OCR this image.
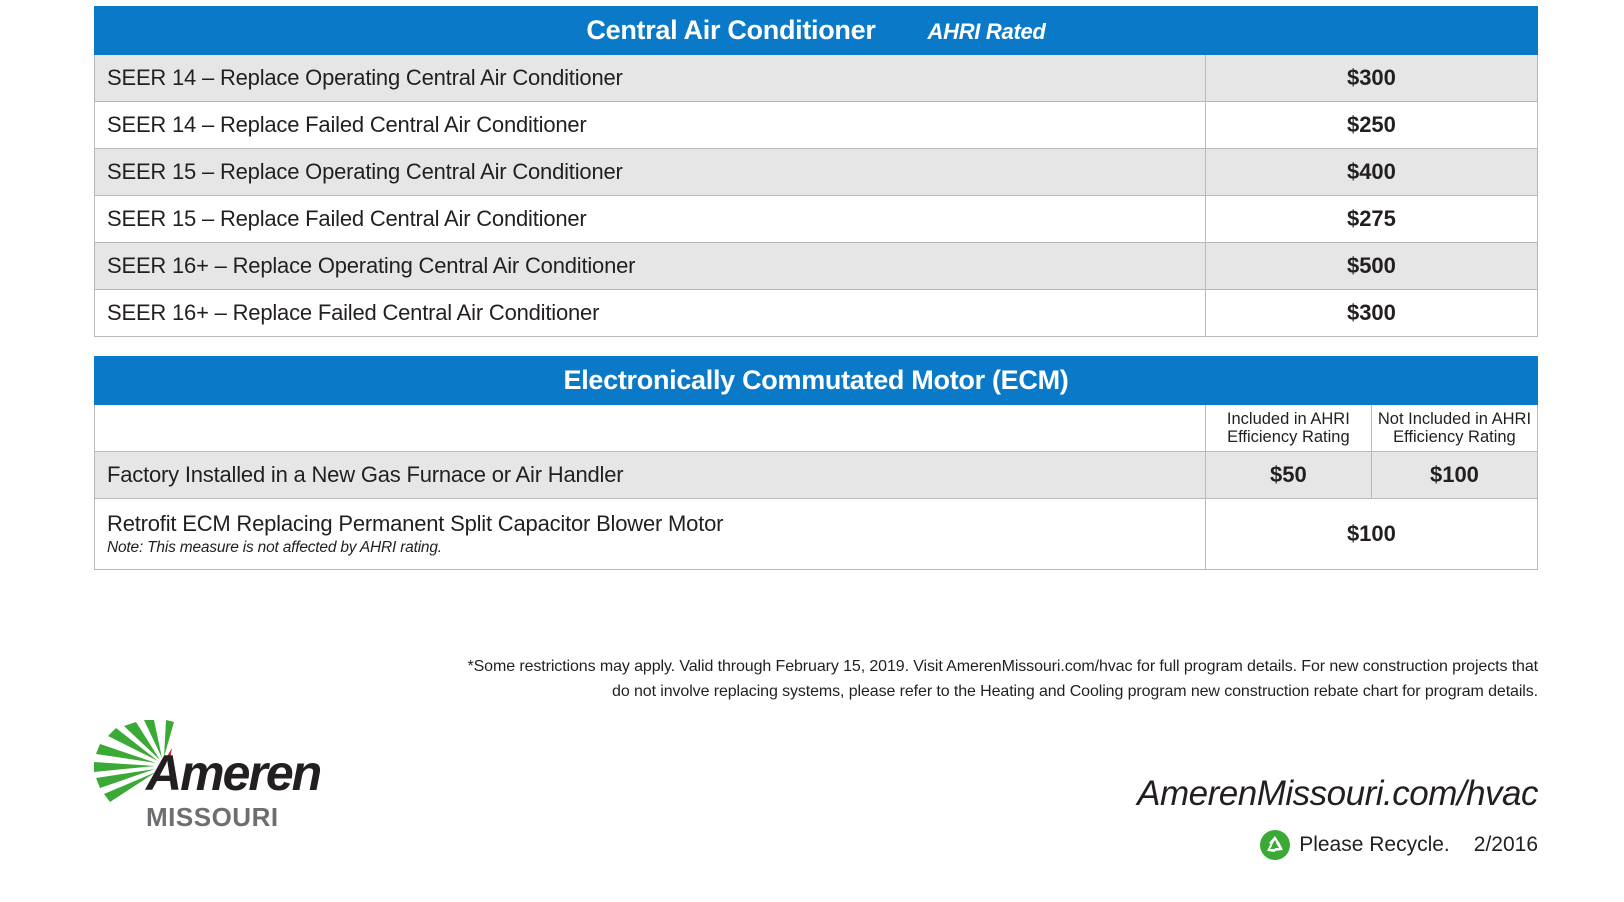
Central Air Conditioner AHRI Rated	
SEER 14 – Replace Operating Central Air Conditioner	$300
SEER 14 – Replace Failed Central Air Conditioner	$250
SEER 15 – Replace Operating Central Air Conditioner	$400
SEER 15 – Replace Failed Central Air Conditioner	$275
SEER 16+ – Replace Operating Central Air Conditioner	$500
SEER 16+ – Replace Failed Central Air Conditioner	$300
Electronically Commutated Motor (ECM)		
	Included in AHRI Efficiency Rating	Not Included in AHRI Efficiency Rating
Factory Installed in a New Gas Furnace or Air Handler	$50	$100
Retrofit ECM Replacing Permanent Split Capacitor Blower Motor
Note: This measure is not affected by AHRI rating.	$100	
*Some restrictions may apply. Valid through February 15, 2019. Visit AmerenMissouri.com/hvac for full program details. For new construction projects that
do not involve replacing systems, please refer to the Heating and Cooling program new construction rebate chart for program details.
Ameren
MISSOURI
AmerenMissouri.com/hvac
Please Recycle. 2/2016
